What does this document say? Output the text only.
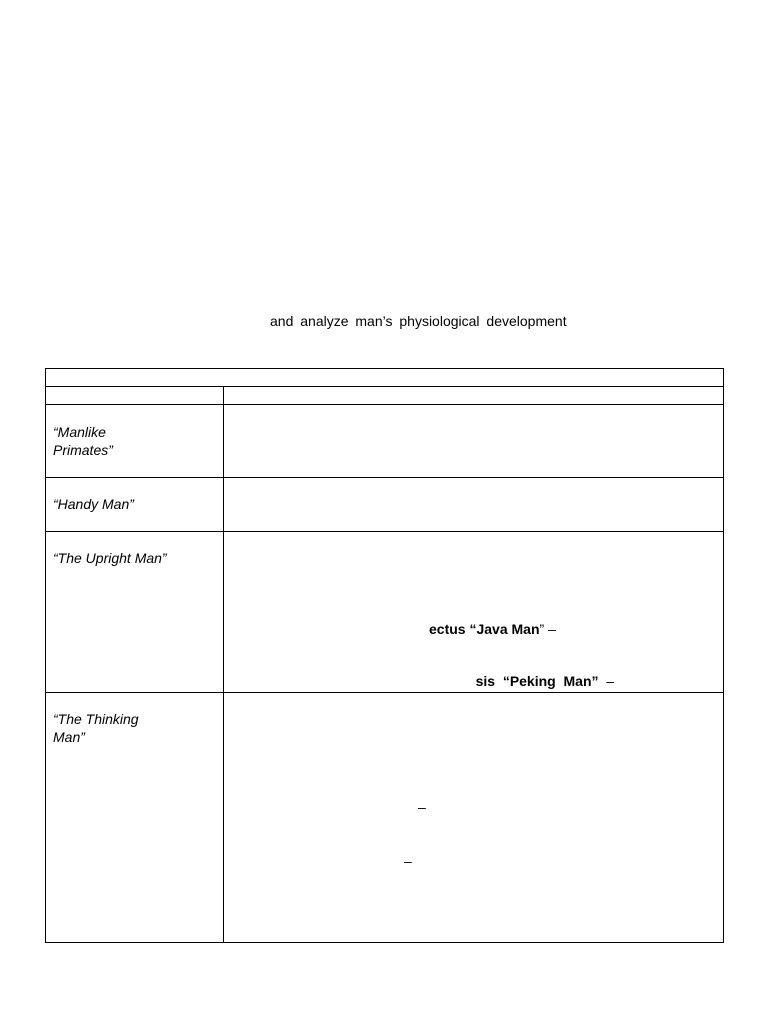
and analyze man’s physiological development
“Manlike
Primates”
“Handy Man”
“The Upright Man”
ectus “Java Man” –

sis  “Peking  Man”  –

“The Thinking
Man”
–
–
